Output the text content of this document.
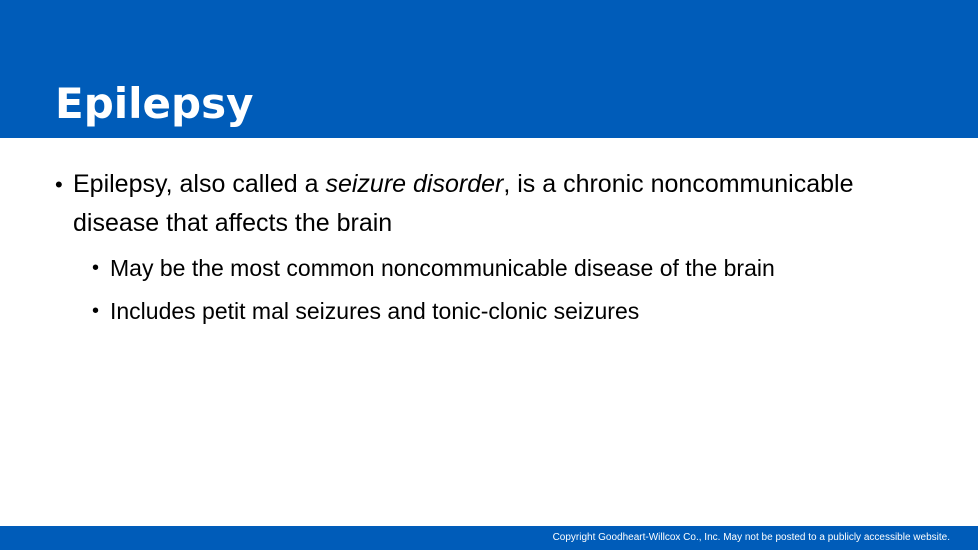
Epilepsy
• Epilepsy, also called a seizure disorder, is a chronic noncommunicable disease that affects the brain
• May be the most common noncommunicable disease of the brain
• Includes petit mal seizures and tonic-clonic seizures
Copyright Goodheart-Willcox Co., Inc. May not be posted to a publicly accessible website.
